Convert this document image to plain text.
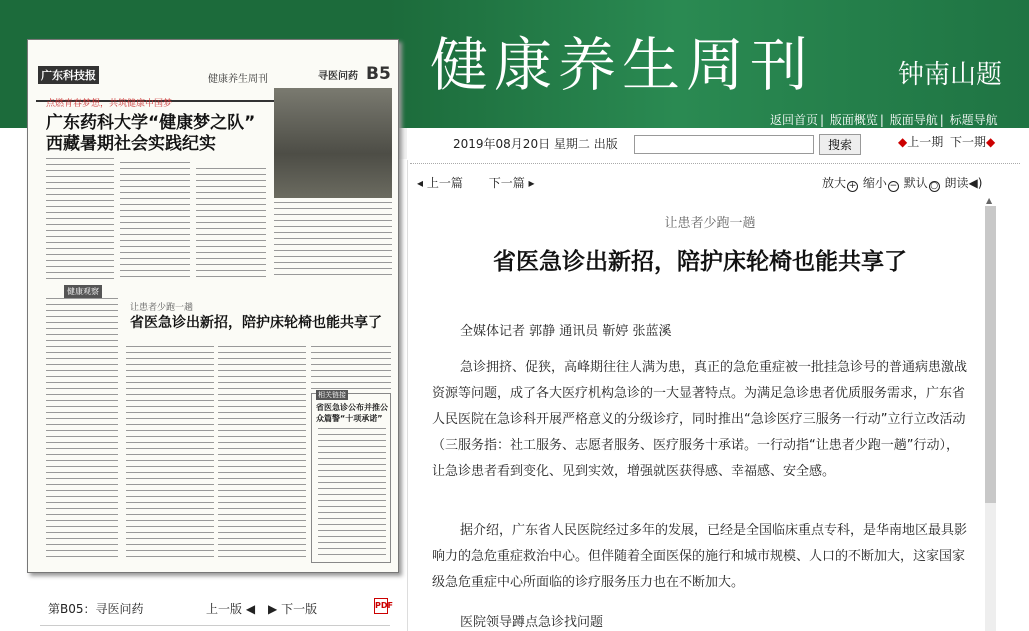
健康养生周刊	钟南山题
返回首页 | 版面概览 | 版面导航 | 标题导航
广东科技报	健康养生周刊	寻医问药 B5
点燃青春梦想，共筑健康中国梦
广东药科大学“健康梦之队”
西藏暑期社会实践纪实
健康观察
让患者少跑一趟
省医急诊出新招，陪护床轮椅也能共享了
相关链接
省医急诊公布并推公众篇警“十项承诺”
第B05：寻医问药	上一版 ◀ ▶ 下一版	PDF
2019年08月20日 星期二 出版	搜索	◆上一期 下一期◆
◂ 上一篇 下一篇 ▸	放大 + 缩小 − 默认 ○ 朗读◀)
让患者少跑一趟
省医急诊出新招，陪护床轮椅也能共享了
全媒体记者 郭静 通讯员 靳婷 张蓝溪
急诊拥挤、促狭，高峰期往往人满为患，真正的急危重症被一批挂急诊号的普通病患激战资源等问题，成了各大医疗机构急诊的一大显著特点。为满足急诊患者优质服务需求，广东省人民医院在急诊科开展严格意义的分级诊疗，同时推出“急诊医疗三服务一行动”立行立改活动（三服务指：社工服务、志愿者服务、医疗服务十承诺。一行动指“让患者少跑一趟”行动），让急诊患者看到变化、见到实效，增强就医获得感、幸福感、安全感。
据介绍，广东省人民医院经过多年的发展，已经是全国临床重点专科，是华南地区最具影响力的急危重症救治中心。但伴随着全面医保的施行和城市规模、人口的不断加大，这家国家级急危重症中心所面临的诊疗服务压力也在不断加大。
医院领导蹲点急诊找问题
▲
